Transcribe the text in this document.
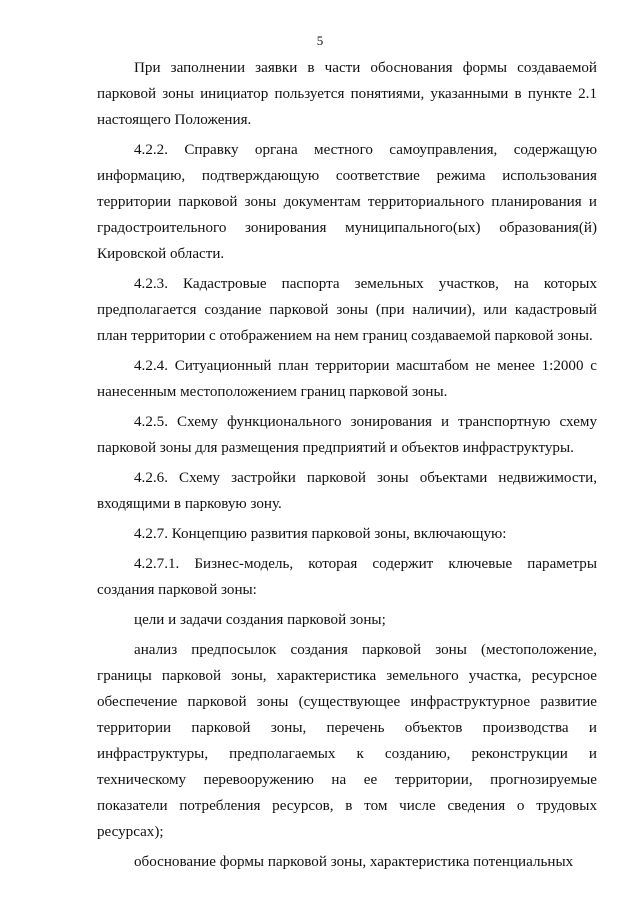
5

При заполнении заявки в части обоснования формы создаваемой парковой зоны инициатор пользуется понятиями, указанными в пункте 2.1 настоящего Положения.

4.2.2. Справку органа местного самоуправления, содержащую информацию, подтверждающую соответствие режима использования территории парковой зоны документам территориального планирования и градостроительного зонирования муниципального(ых) образования(й) Кировской области.

4.2.3. Кадастровые паспорта земельных участков, на которых предполагается создание парковой зоны (при наличии), или кадастровый план территории с отображением на нем границ создаваемой парковой зоны.

4.2.4. Ситуационный план территории масштабом не менее 1:2000 с нанесенным местоположением границ парковой зоны.

4.2.5. Схему функционального зонирования и транспортную схему парковой зоны для размещения предприятий и объектов инфраструктуры.

4.2.6. Схему застройки парковой зоны объектами недвижимости, входящими в парковую зону.

4.2.7. Концепцию развития парковой зоны, включающую:

4.2.7.1. Бизнес-модель, которая содержит ключевые параметры создания парковой зоны:

цели и задачи создания парковой зоны;

анализ предпосылок создания парковой зоны (местоположение, границы парковой зоны, характеристика земельного участка, ресурсное обеспечение парковой зоны (существующее инфраструктурное развитие территории парковой зоны, перечень объектов производства и инфраструктуры, предполагаемых к созданию, реконструкции и техническому перевооружению на ее территории, прогнозируемые показатели потребления ресурсов, в том числе сведения о трудовых ресурсах);

обоснование формы парковой зоны, характеристика потенциальных
